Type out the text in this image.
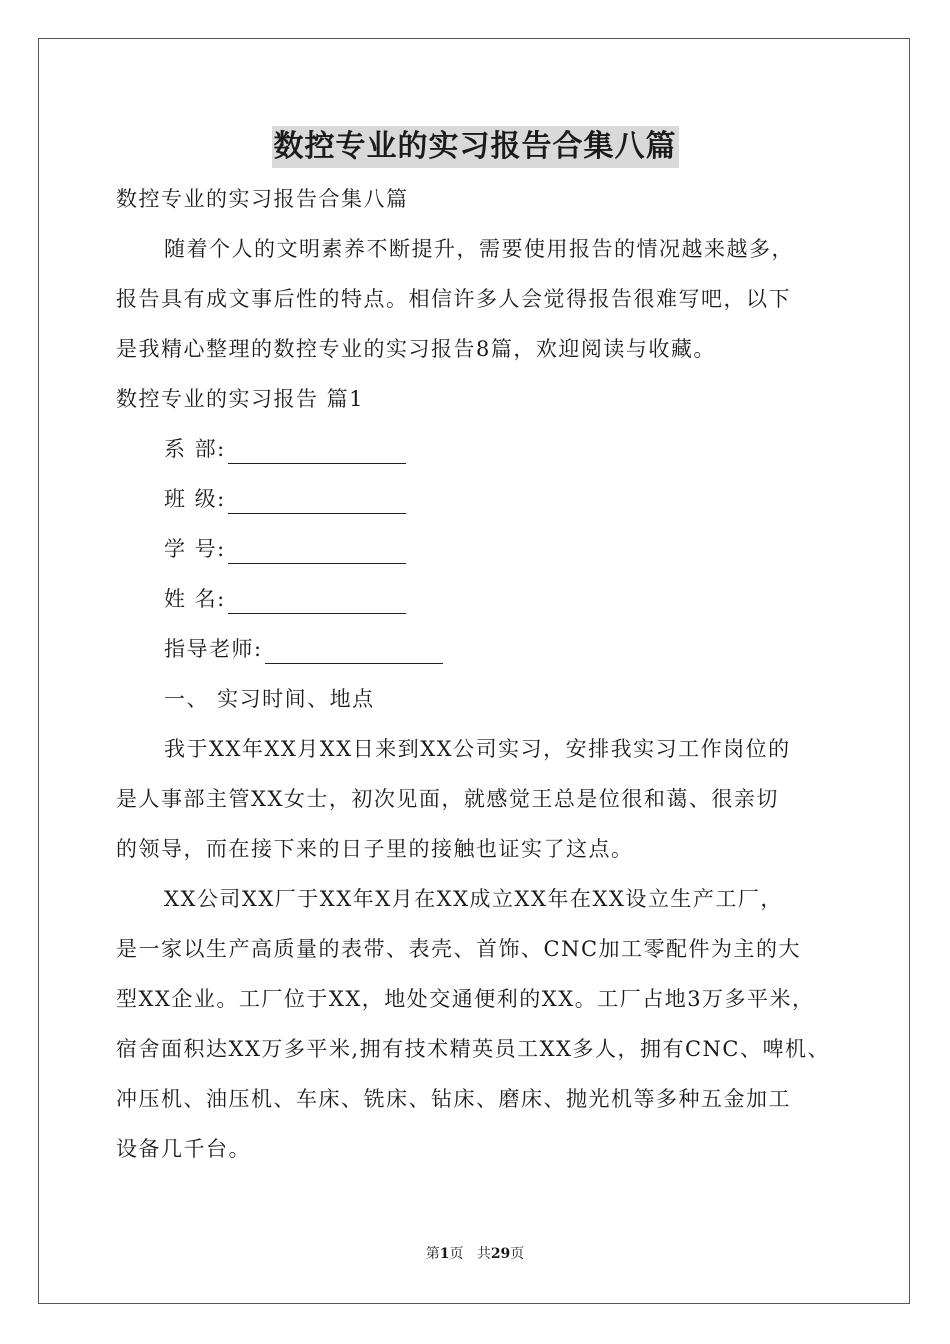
数控专业的实习报告合集八篇
数控专业的实习报告合集八篇
随着个人的文明素养不断提升，需要使用报告的情况越来越多，
报告具有成文事后性的特点。相信许多人会觉得报告很难写吧，以下
是我精心整理的数控专业的实习报告8篇，欢迎阅读与收藏。
数控专业的实习报告 篇1
系 部:
班 级:
学 号:
姓 名:
指导老师:
一、 实习时间、地点
我于XX年XX月XX日来到XX公司实习，安排我实习工作岗位的
是人事部主管XX女士，初次见面，就感觉王总是位很和蔼、很亲切
的领导，而在接下来的日子里的接触也证实了这点。
XX公司XX厂于XX年X月在XX成立XX年在XX设立生产工厂，
是一家以生产高质量的表带、表壳、首饰、CNC加工零配件为主的大
型XX企业。工厂位于XX，地处交通便利的XX。工厂占地3万多平米，
宿舍面积达XX万多平米,拥有技术精英员工XX多人，拥有CNC、啤机、
冲压机、油压机、车床、铣床、钻床、磨床、抛光机等多种五金加工
设备几千台。
第1页 共29页
